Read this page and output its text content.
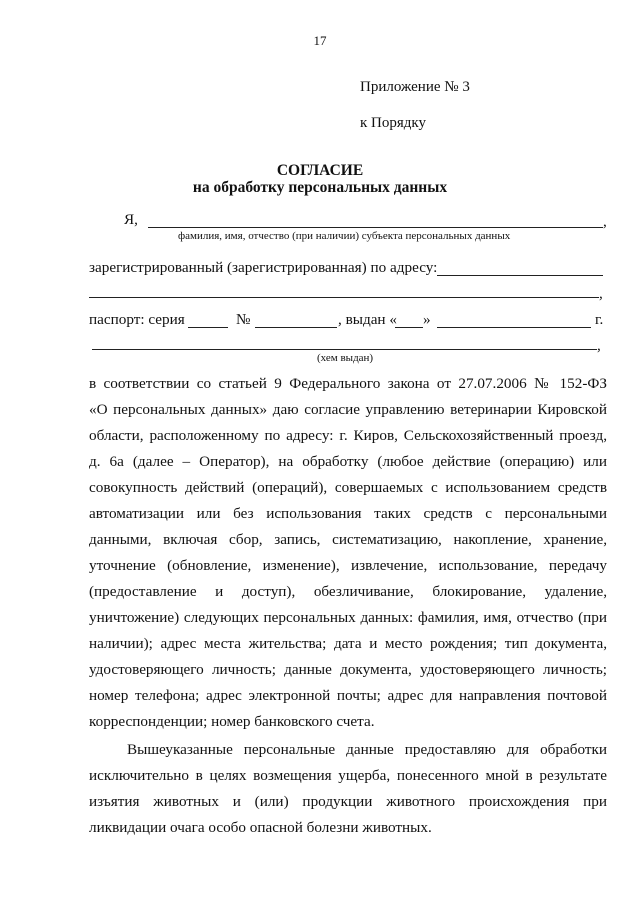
17
Приложение № 3
к Порядку
СОГЛАСИЕ
на обработку персональных данных
Я,	,
фамилия, имя, отчество (при наличии) субъекта персональных данных
зарегистрированный (зарегистрированная) по адресу:
,
паспорт: серия	№	, выдан « »	г.
,
(хем выдан)
в соответствии со статьей 9 Федерального закона от 27.07.2006 № 152-ФЗ
«О персональных данных» даю согласие управлению ветеринарии Кировской
области, расположенному по адресу: г. Киров, Сельскохозяйственный проезд,
д. 6а (далее – Оператор), на обработку (любое действие (операцию) или
совокупность действий (операций), совершаемых с использованием средств
автоматизации или без использования таких средств с персональными
данными, включая сбор, запись, систематизацию, накопление, хранение,
уточнение (обновление, изменение), извлечение, использование, передачу
(предоставление и доступ), обезличивание, блокирование, удаление,
уничтожение) следующих персональных данных: фамилия, имя, отчество (при
наличии); адрес места жительства; дата и место рождения; тип документа,
удостоверяющего личность; данные документа, удостоверяющего личность;
номер телефона; адрес электронной почты; адрес для направления почтовой
корреспонденции; номер банковского счета.
Вышеуказанные персональные данные предоставляю для обработки
исключительно в целях возмещения ущерба, понесенного мной в результате
изъятия животных и (или) продукции животного происхождения при
ликвидации очага особо опасной болезни животных.
